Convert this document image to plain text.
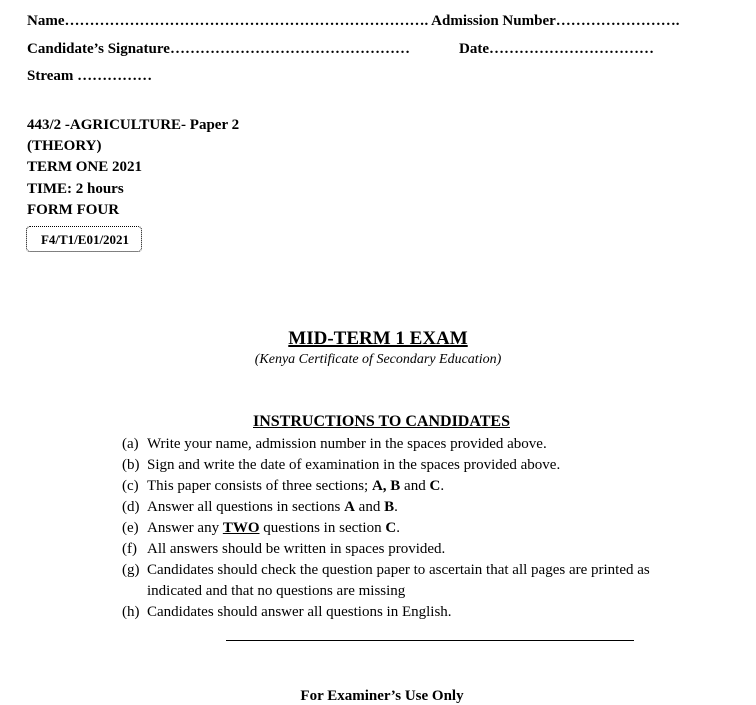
Name………………………………………………………………. Admission Number…………………….
Candidate’s Signature…………………………………………	Date……………………………
Stream ……………
443/2 -AGRICULTURE- Paper 2
(THEORY)
TERM ONE 2021
TIME: 2 hours
FORM FOUR
F4/T1/E01/2021
MID-TERM 1 EXAM
(Kenya Certificate of Secondary Education)
INSTRUCTIONS TO CANDIDATES
(a) Write your name, admission number in the spaces provided above.
(b) Sign and write the date of examination in the spaces provided above.
(c) This paper consists of three sections; A, B and C.
(d) Answer all questions in sections A and B.
(e) Answer any TWO questions in section C.
(f) All answers should be written in spaces provided.
(g) Candidates should check the question paper to ascertain that all pages are printed as indicated and that no questions are missing
(h) Candidates should answer all questions in English.
For Examiner’s Use Only
